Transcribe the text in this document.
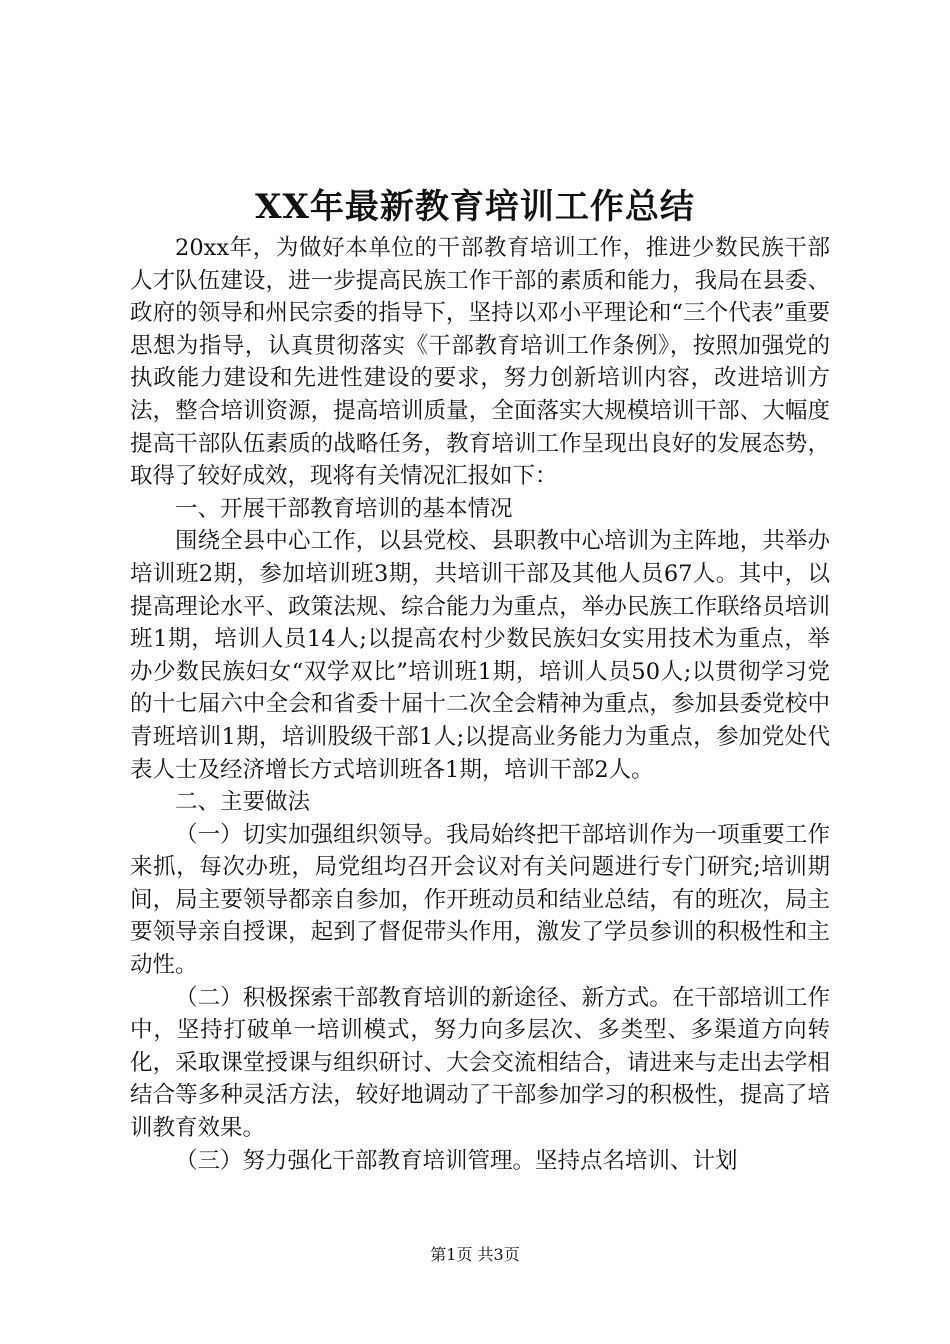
XX年最新教育培训工作总结

20xx年，为做好本单位的干部教育培训工作，推进少数民族干部人才队伍建设，进一步提高民族工作干部的素质和能力，我局在县委、政府的领导和州民宗委的指导下，坚持以邓小平理论和“三个代表”重要思想为指导，认真贯彻落实《干部教育培训工作条例》，按照加强党的执政能力建设和先进性建设的要求，努力创新培训内容，改进培训方法，整合培训资源，提高培训质量，全面落实大规模培训干部、大幅度提高干部队伍素质的战略任务，教育培训工作呈现出良好的发展态势，取得了较好成效，现将有关情况汇报如下：

一、开展干部教育培训的基本情况

围绕全县中心工作，以县党校、县职教中心培训为主阵地，共举办培训班2期，参加培训班3期，共培训干部及其他人员67人。其中，以提高理论水平、政策法规、综合能力为重点，举办民族工作联络员培训班1期，培训人员14人;以提高农村少数民族妇女实用技术为重点，举办少数民族妇女“双学双比”培训班1期，培训人员50人;以贯彻学习党的十七届六中全会和省委十届十二次全会精神为重点，参加县委党校中青班培训1期，培训股级干部1人;以提高业务能力为重点，参加党处代表人士及经济增长方式培训班各1期，培训干部2人。

二、主要做法

（一）切实加强组织领导。我局始终把干部培训作为一项重要工作来抓，每次办班，局党组均召开会议对有关问题进行专门研究;培训期间，局主要领导都亲自参加，作开班动员和结业总结，有的班次，局主要领导亲自授课，起到了督促带头作用，激发了学员参训的积极性和主动性。

（二）积极探索干部教育培训的新途径、新方式。在干部培训工作中，坚持打破单一培训模式，努力向多层次、多类型、多渠道方向转化，采取课堂授课与组织研讨、大会交流相结合，请进来与走出去学相结合等多种灵活方法，较好地调动了干部参加学习的积极性，提高了培训教育效果。

（三）努力强化干部教育培训管理。坚持点名培训、计划

第1页 共3页
